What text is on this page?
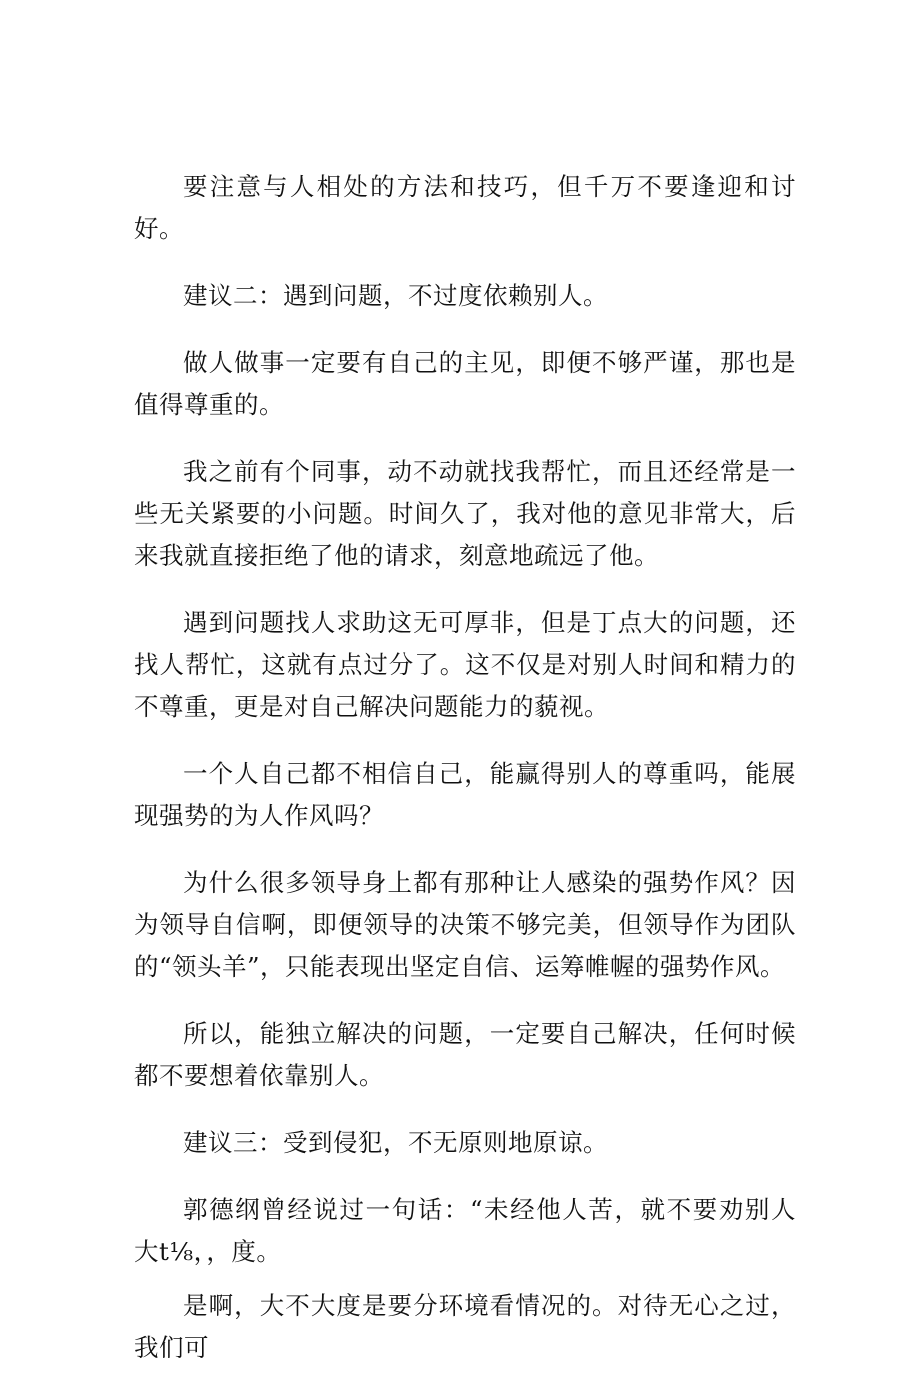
要注意与人相处的方法和技巧，但千万不要逢迎和讨好。

建议二：遇到问题，不过度依赖别人。

做人做事一定要有自己的主见，即便不够严谨，那也是值得尊重的。

我之前有个同事，动不动就找我帮忙，而且还经常是一些无关紧要的小问题。时间久了，我对他的意见非常大，后来我就直接拒绝了他的请求，刻意地疏远了他。

遇到问题找人求助这无可厚非，但是丁点大的问题，还找人帮忙，这就有点过分了。这不仅是对别人时间和精力的不尊重，更是对自己解决问题能力的藐视。

一个人自己都不相信自己，能赢得别人的尊重吗，能展现强势的为人作风吗？

为什么很多领导身上都有那种让人感染的强势作风？因为领导自信啊，即便领导的决策不够完美，但领导作为团队的“领头羊”，只能表现出坚定自信、运筹帷幄的强势作风。

所以，能独立解决的问题，一定要自己解决，任何时候都不要想着依靠别人。

建议三：受到侵犯，不无原则地原谅。

郭德纲曾经说过一句话：“未经他人苦，就不要劝别人大t⅛，，度。

是啊，大不大度是要分环境看情况的。对待无心之过，我们可
